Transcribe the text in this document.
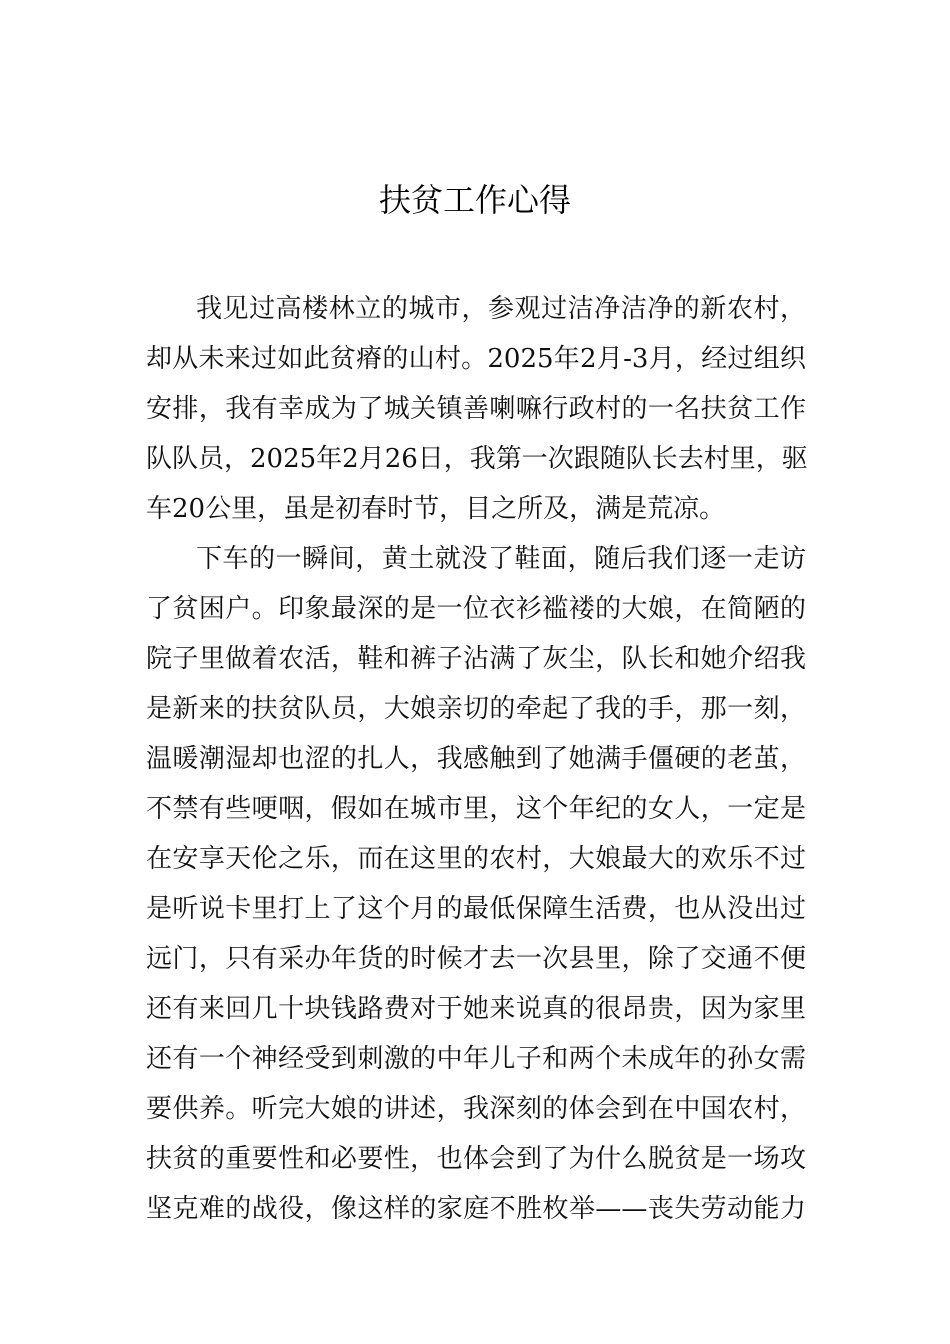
扶贫工作心得
我见过高楼林立的城市，参观过洁净洁净的新农村，
却从未来过如此贫瘠的山村。2025年2月-3月，经过组织
安排，我有幸成为了城关镇善喇嘛行政村的一名扶贫工作
队队员，2025年2月26日，我第一次跟随队长去村里，驱
车20公里，虽是初春时节，目之所及，满是荒凉。
下车的一瞬间，黄土就没了鞋面，随后我们逐一走访
了贫困户。印象最深的是一位衣衫褴褛的大娘，在简陋的
院子里做着农活，鞋和裤子沾满了灰尘，队长和她介绍我
是新来的扶贫队员，大娘亲切的牵起了我的手，那一刻，
温暖潮湿却也涩的扎人，我感触到了她满手僵硬的老茧，
不禁有些哽咽，假如在城市里，这个年纪的女人，一定是
在安享天伦之乐，而在这里的农村，大娘最大的欢乐不过
是听说卡里打上了这个月的最低保障生活费，也从没出过
远门，只有采办年货的时候才去一次县里，除了交通不便
还有来回几十块钱路费对于她来说真的很昂贵，因为家里
还有一个神经受到刺激的中年儿子和两个未成年的孙女需
要供养。听完大娘的讲述，我深刻的体会到在中国农村，
扶贫的重要性和必要性，也体会到了为什么脱贫是一场攻
坚克难的战役，像这样的家庭不胜枚举——丧失劳动能力
